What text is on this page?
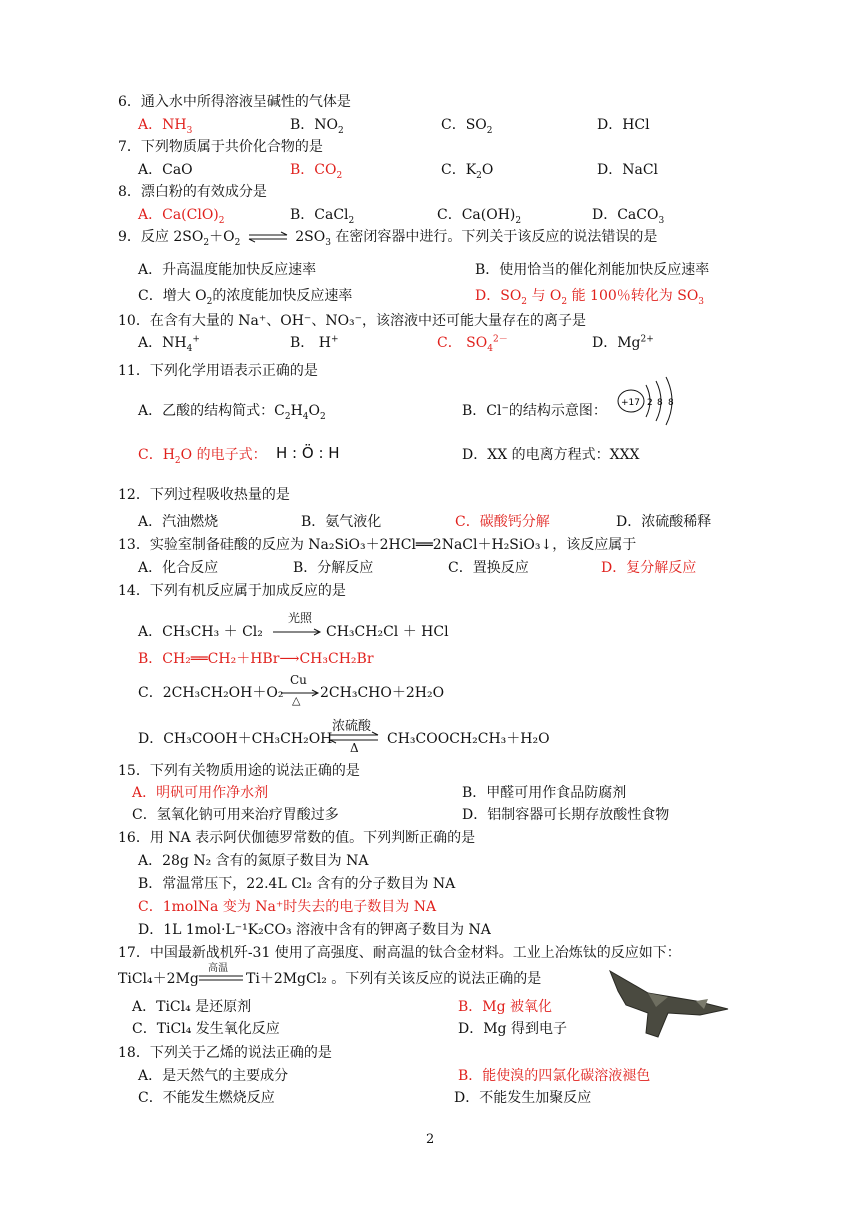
6．通入水中所得溶液呈碱性的气体是
A．$NH_3$	B．$NO_2$	C．$SO_2$	D．HCl
7．下列物质属于共价化合物的是
A．CaO	B．$CO_2$	C．$K_2O$	D．NaCl
8．漂白粉的有效成分是
A．$Ca(ClO)_2$	B．CaCl$_2$	C．$Ca(OH)_2$	D．CaCO$_3$
9．反应 $2SO_2+O_2$ ⇌ $2SO_3$ 在密闭容器中进行。下列关于该反应的说法错误的是
A．升高温度能加快反应速率	B．使用恰当的催化剂能加快反应速率
C．增大 $O_2$的浓度能加快反应速率	D．$SO_2$ 与 $O_2$ 能 100％转化为 $SO_3$
10．在含有大量的 Na⁺、OH⁻、NO₃⁻，该溶液中还可能大量存在的离子是
A．$NH_4^+$	B． H+	C． $SO_4^{2-}$	D．$Mg^{2+}$
11．下列化学用语表示正确的是
A．乙酸的结构简式：$C_2H_4O_2$	B．Cl⁻的结构示意图： +17 2 8 8
C．$H_2O$ 的电子式： H : Ö : H	D．XX 的电离方程式：XXX
12．下列过程吸收热量的是
A．汽油燃烧	B．氨气液化	C．碳酸钙分解	D．浓硫酸稀释
13．实验室制备硅酸的反应为 Na₂SiO₃＋2HCl══2NaCl＋H₂SiO₃↓，该反应属于
A．化合反应	B．分解反应	C．置换反应	D．复分解反应
14．下列有机反应属于加成反应的是
A．CH₃CH₃ ＋ Cl₂
光照
CH₃CH₂Cl ＋ HCl
B．CH₂══CH₂＋HBr⟶CH₃CH₂Br
C．2CH₃CH₂OH＋O₂
Cu
△ 2CH₃CHO＋2H₂O
D．CH₃COOH＋CH₃CH₂OH
浓硫酸
Δ
CH₃COOCH₂CH₃＋H₂O
15．下列有关物质用途的说法正确的是
A．明矾可用作净水剂	B．甲醛可用作食品防腐剂
C．氢氧化钠可用来治疗胃酸过多	D．铝制容器可长期存放酸性食物
16．用 NA 表示阿伏伽德罗常数的值。下列判断正确的是
A．28g N₂ 含有的氮原子数目为 NA
B．常温常压下，22.4L Cl₂ 含有的分子数目为 NA
C．1molNa 变为 Na⁺时失去的电子数目为 NA
D．1L 1mol·L⁻¹K₂CO₃ 溶液中含有的钾离子数目为 NA
17．中国最新战机歼-31 使用了高强度、耐高温的钛合金材料。工业上冶炼钛的反应如下：
TiCl₄＋2Mg
高温
Ti＋2MgCl₂ 。下列有关该反应的说法正确的是
A．TiCl₄ 是还原剂	B．Mg 被氧化
C．TiCl₄ 发生氧化反应	D．Mg 得到电子
18．下列关于乙烯的说法正确的是
A．是天然气的主要成分	B．能使溴的四氯化碳溶液褪色
C．不能发生燃烧反应	D．不能发生加聚反应
2
